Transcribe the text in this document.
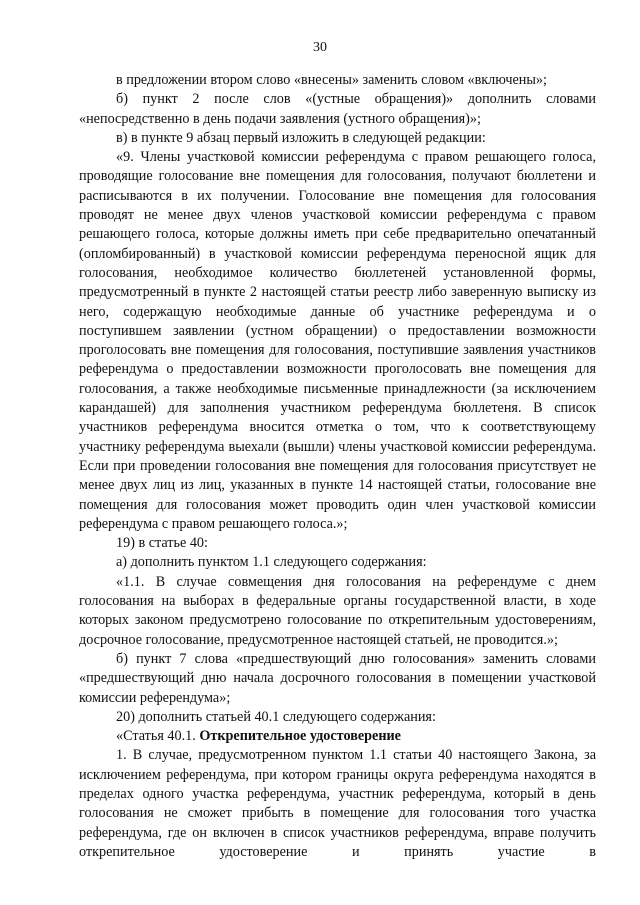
30

в предложении втором слово «внесены» заменить словом «включены»;

б) пункт 2 после слов «(устные обращения)» дополнить словами «непосредственно в день подачи заявления (устного обращения)»;

в) в пункте 9 абзац первый изложить в следующей редакции:

«9. Члены участковой комиссии референдума с правом решающего голоса, проводящие голосование вне помещения для голосования, получают бюллетени и расписываются в их получении. Голосование вне помещения для голосования проводят не менее двух членов участковой комиссии референдума с правом решающего голоса, которые должны иметь при себе предварительно опечатанный (опломбированный) в участковой комиссии референдума переносной ящик для голосования, необходимое количество бюллетеней установленной формы, предусмотренный в пункте 2 настоящей статьи реестр либо заверенную выписку из него, содержащую необходимые данные об участнике референдума и о поступившем заявлении (устном обращении) о предоставлении возможности проголосовать вне помещения для голосования, поступившие заявления участников референдума о предоставлении возможности проголосовать вне помещения для голосования, а также необходимые письменные принадлежности (за исключением карандашей) для заполнения участником референдума бюллетеня. В список участников референдума вносится отметка о том, что к соответствующему участнику референдума выехали (вышли) члены участковой комиссии референдума. Если при проведении голосования вне помещения для голосования присутствует не менее двух лиц из лиц, указанных в пункте 14 настоящей статьи, голосование вне помещения для голосования может проводить один член участковой комиссии референдума с правом решающего голоса.»;

19) в статье 40:

а) дополнить пунктом 1.1 следующего содержания:

«1.1. В случае совмещения дня голосования на референдуме с днем голосования на выборах в федеральные органы государственной власти, в ходе которых законом предусмотрено голосование по открепительным удостоверениям, досрочное голосование, предусмотренное настоящей статьей, не проводится.»;

б) пункт 7 слова «предшествующий дню голосования» заменить словами «предшествующий дню начала досрочного голосования в помещении участковой комиссии референдума»;

20) дополнить статьей 40.1 следующего содержания:

«Статья 40.1. Открепительное удостоверение

1. В случае, предусмотренном пунктом 1.1 статьи 40 настоящего Закона, за исключением референдума, при котором границы округа референдума находятся в пределах одного участка референдума, участник референдума, который в день голосования не сможет прибыть в помещение для голосования того участка референдума, где он включен в список участников референдума, вправе получить открепительное удостоверение и принять участие в
